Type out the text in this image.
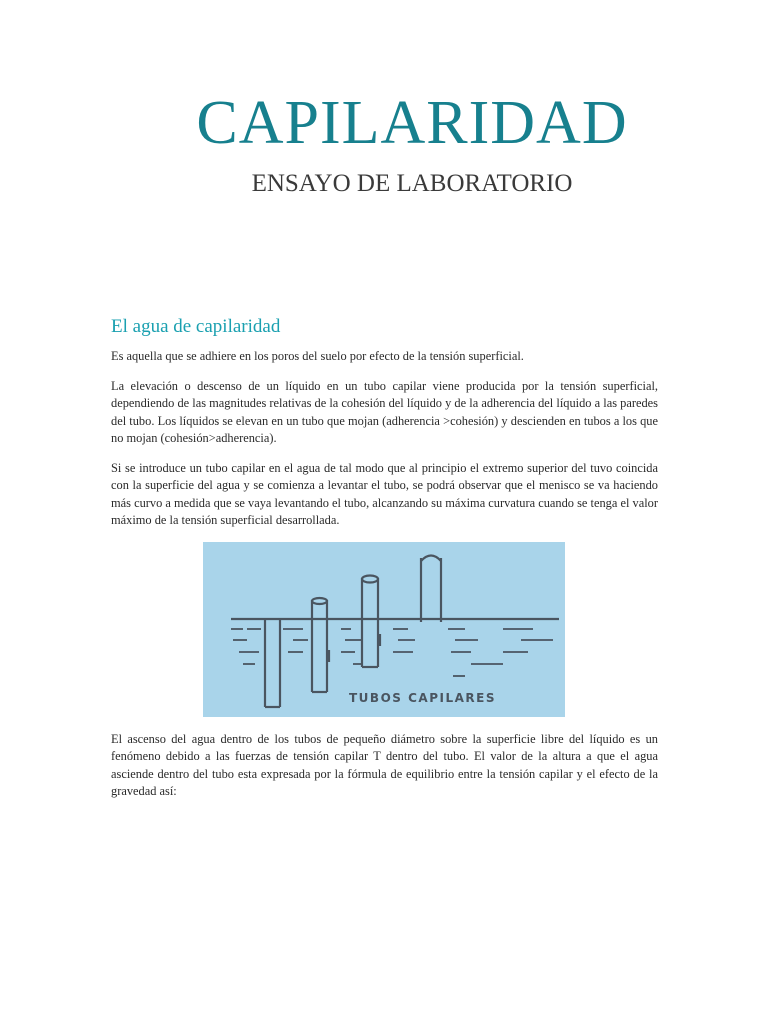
CAPILARIDAD
ENSAYO DE LABORATORIO
El agua de capilaridad

Es aquella que se adhiere en los poros del suelo por efecto de la tensión superficial.

La elevación o descenso de un líquido en un tubo capilar viene producida por la tensión superficial, dependiendo de las magnitudes relativas de la cohesión del líquido y de la adherencia del líquido a las paredes del tubo. Los líquidos se elevan en un tubo que mojan (adherencia >cohesión) y descienden en tubos a los que no mojan (cohesión>adherencia).

Si se introduce un tubo capilar en el agua de tal modo que al principio el extremo superior del tuvo coincida con la superficie del agua y se comienza a levantar el tubo, se podrá observar que el menisco se va haciendo más curvo a medida que se vaya levantando el tubo, alcanzando su máxima curvatura cuando se tenga el valor máximo de la tensión superficial desarrollada.

TUBOS CAPILARES

El ascenso del agua dentro de los tubos de pequeño diámetro sobre la superficie libre del líquido es un fenómeno debido a las fuerzas de tensión capilar T dentro del tubo. El valor de la altura a que el agua asciende dentro del tubo esta expresada por la fórmula de equilibrio entre la tensión capilar y el efecto de la gravedad así:
